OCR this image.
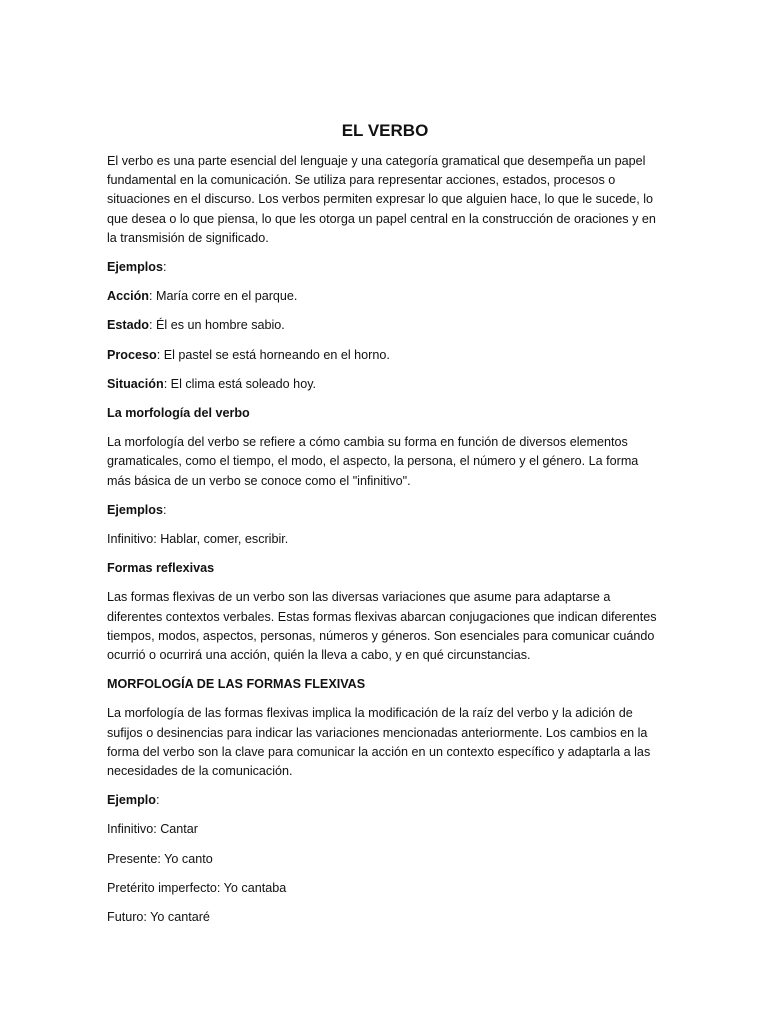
EL VERBO

El verbo es una parte esencial del lenguaje y una categoría gramatical que desempeña un papel fundamental en la comunicación. Se utiliza para representar acciones, estados, procesos o situaciones en el discurso. Los verbos permiten expresar lo que alguien hace, lo que le sucede, lo que desea o lo que piensa, lo que les otorga un papel central en la construcción de oraciones y en la transmisión de significado.

Ejemplos:

Acción: María corre en el parque.

Estado: Él es un hombre sabio.

Proceso: El pastel se está horneando en el horno.

Situación: El clima está soleado hoy.

La morfología del verbo

La morfología del verbo se refiere a cómo cambia su forma en función de diversos elementos gramaticales, como el tiempo, el modo, el aspecto, la persona, el número y el género. La forma más básica de un verbo se conoce como el "infinitivo".

Ejemplos:

Infinitivo: Hablar, comer, escribir.

Formas reflexivas

Las formas flexivas de un verbo son las diversas variaciones que asume para adaptarse a diferentes contextos verbales. Estas formas flexivas abarcan conjugaciones que indican diferentes tiempos, modos, aspectos, personas, números y géneros. Son esenciales para comunicar cuándo ocurrió o ocurrirá una acción, quién la lleva a cabo, y en qué circunstancias.

MORFOLOGÍA DE LAS FORMAS FLEXIVAS

La morfología de las formas flexivas implica la modificación de la raíz del verbo y la adición de sufijos o desinencias para indicar las variaciones mencionadas anteriormente. Los cambios en la forma del verbo son la clave para comunicar la acción en un contexto específico y adaptarla a las necesidades de la comunicación.

Ejemplo:

Infinitivo: Cantar

Presente: Yo canto

Pretérito imperfecto: Yo cantaba

Futuro: Yo cantaré
